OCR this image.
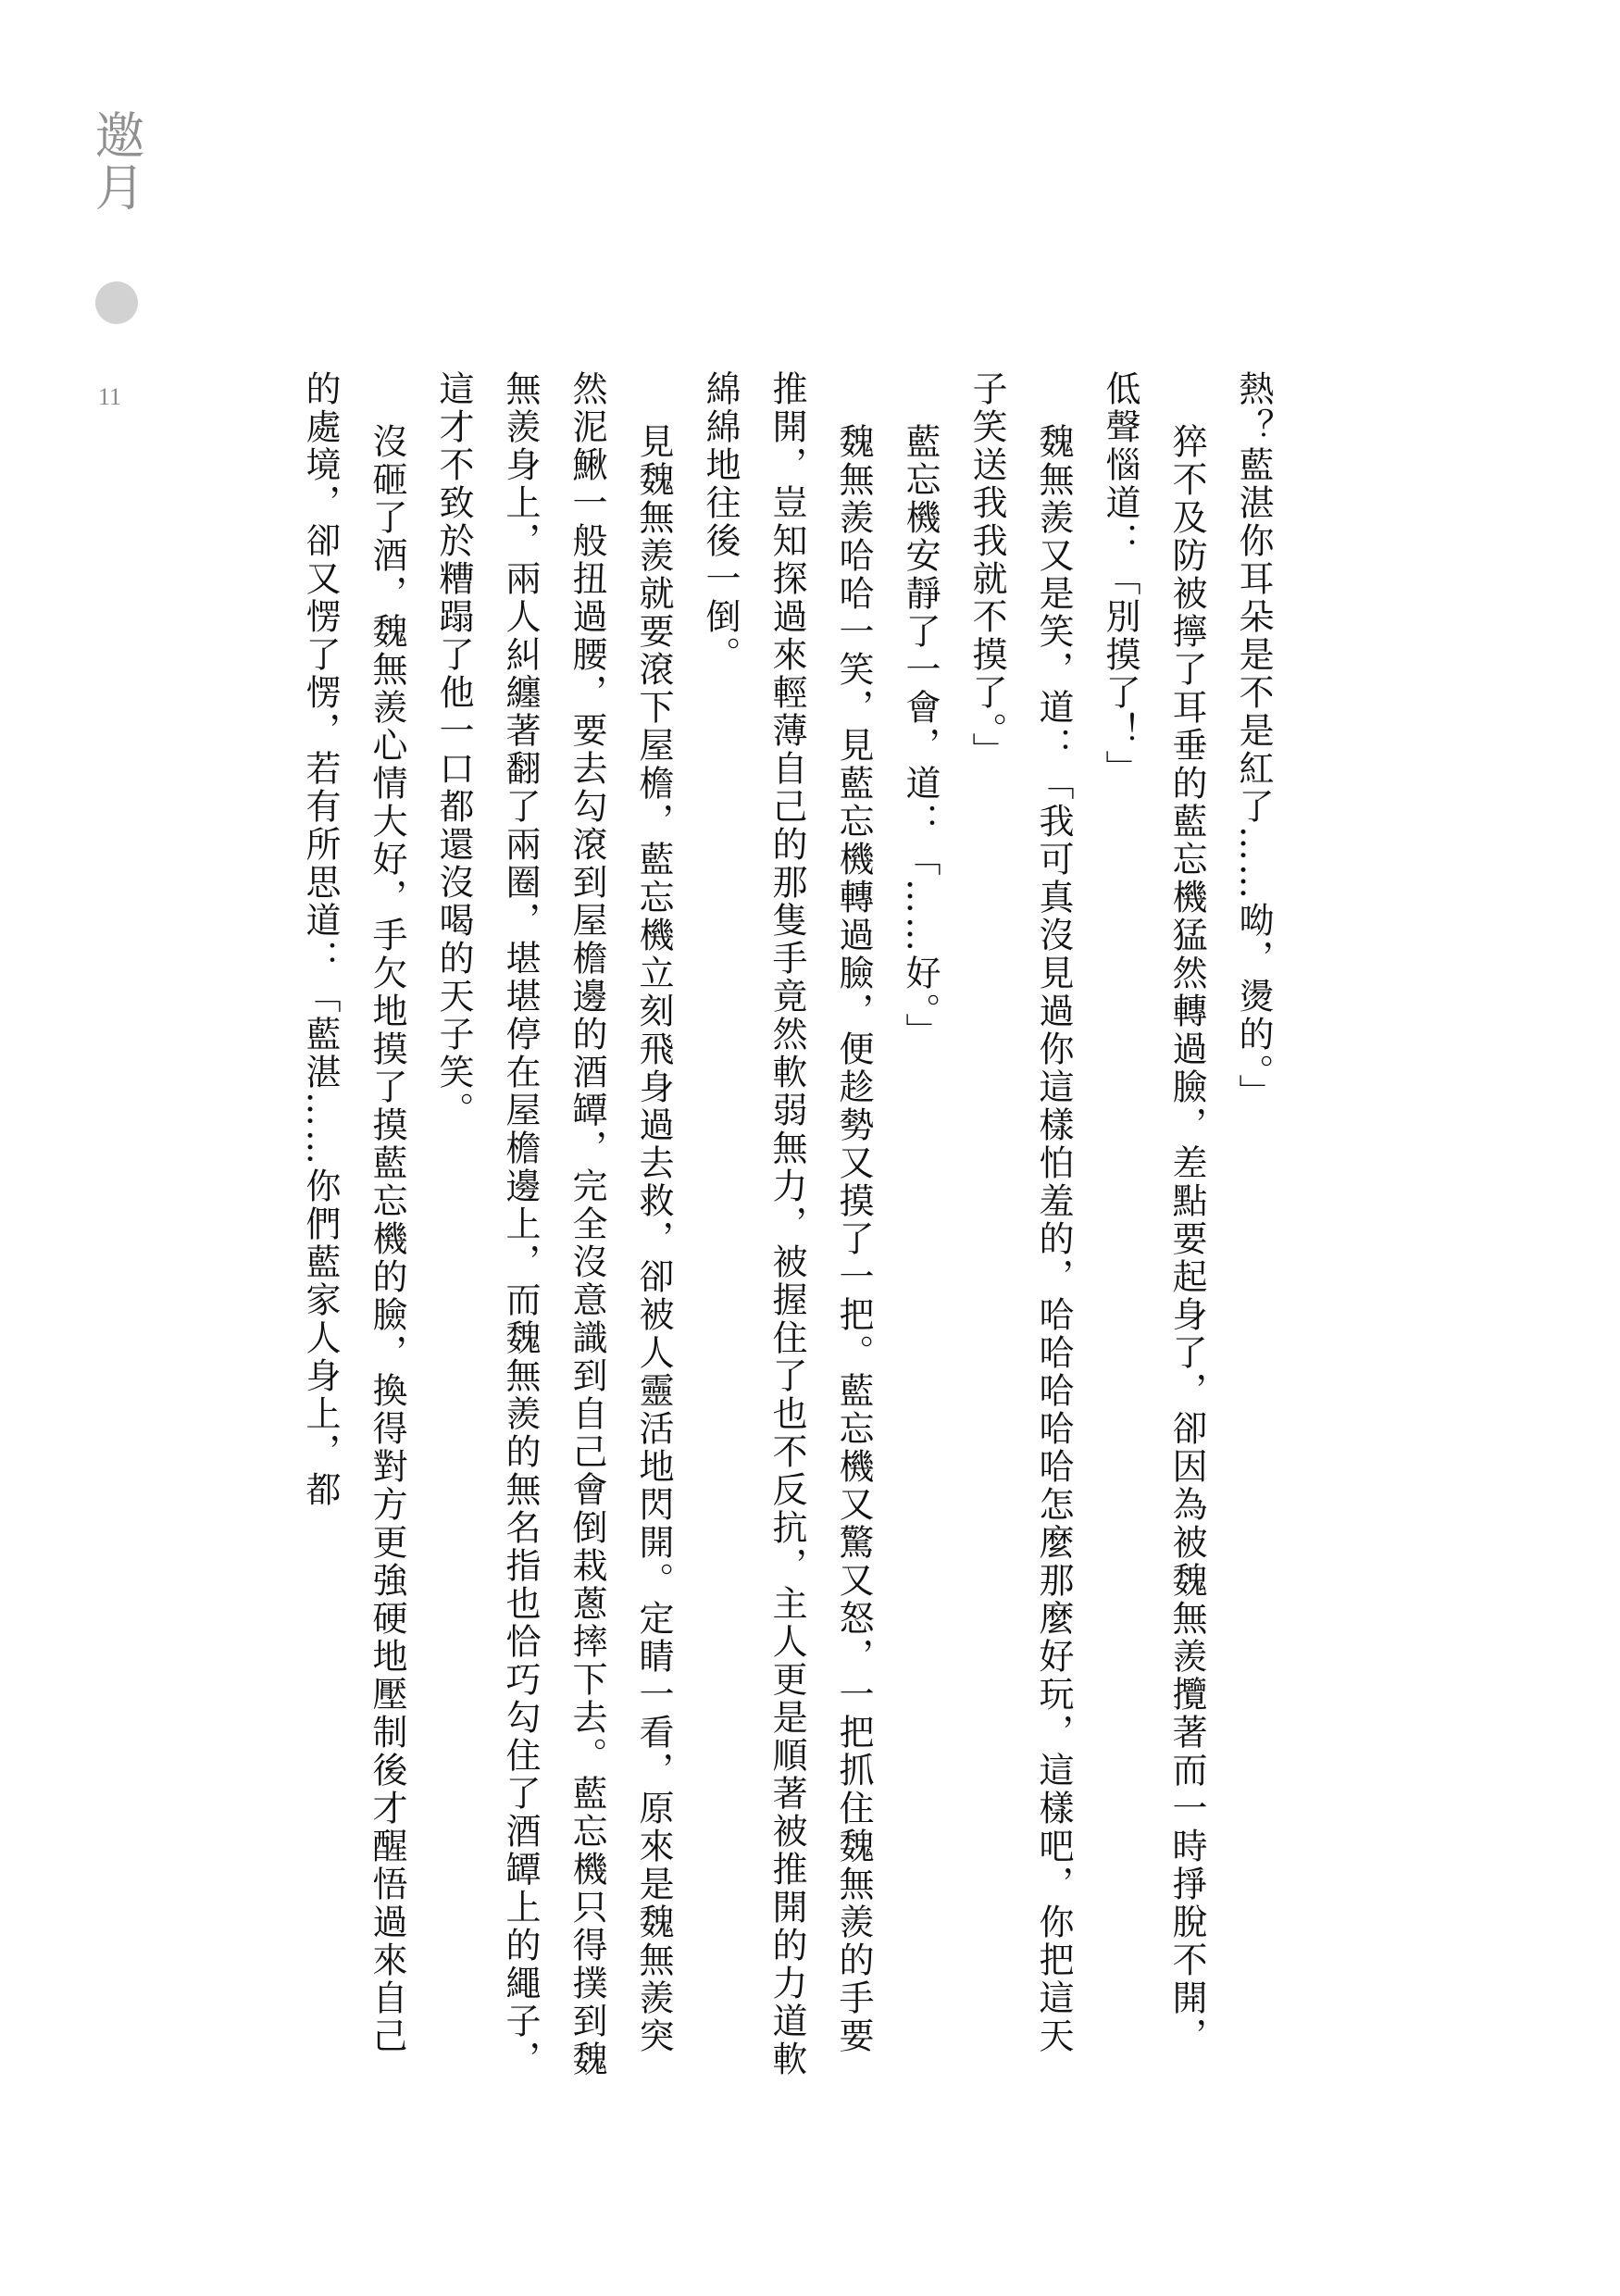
邀月
11	熱？藍湛你耳朵是不是紅了……呦，燙的。」

猝不及防被擰了耳垂的藍忘機猛然轉過臉，差點要起身了，卻因為被魏無羨攬著而一時掙脫不開，低聲惱道：「別摸了！」

魏無羨又是笑，道：「我可真沒見過你這樣怕羞的，哈哈哈哈哈怎麼那麼好玩，這樣吧，你把這天子笑送我我就不摸了。」

藍忘機安靜了一會，道：「……好。」

魏無羨哈哈一笑，見藍忘機轉過臉，便趁勢又摸了一把。藍忘機又驚又怒，一把抓住魏無羨的手要推開，豈知探過來輕薄自己的那隻手竟然軟弱無力，被握住了也不反抗，主人更是順著被推開的力道軟綿綿地往後一倒。

見魏無羨就要滾下屋檐，藍忘機立刻飛身過去救，卻被人靈活地閃開。定睛一看，原來是魏無羨突然泥鰍一般扭過腰，要去勾滾到屋檐邊的酒罈，完全沒意識到自己會倒栽蔥摔下去。藍忘機只得撲到魏無羨身上，兩人糾纏著翻了兩圈，堪堪停在屋檐邊上，而魏無羨的無名指也恰巧勾住了酒罈上的繩子，這才不致於糟蹋了他一口都還沒喝的天子笑。

沒砸了酒，魏無羨心情大好，手欠地摸了摸藍忘機的臉，換得對方更強硬地壓制後才醒悟過來自己的處境，卻又愣了愣，若有所思道：「藍湛……你們藍家人身上，都
